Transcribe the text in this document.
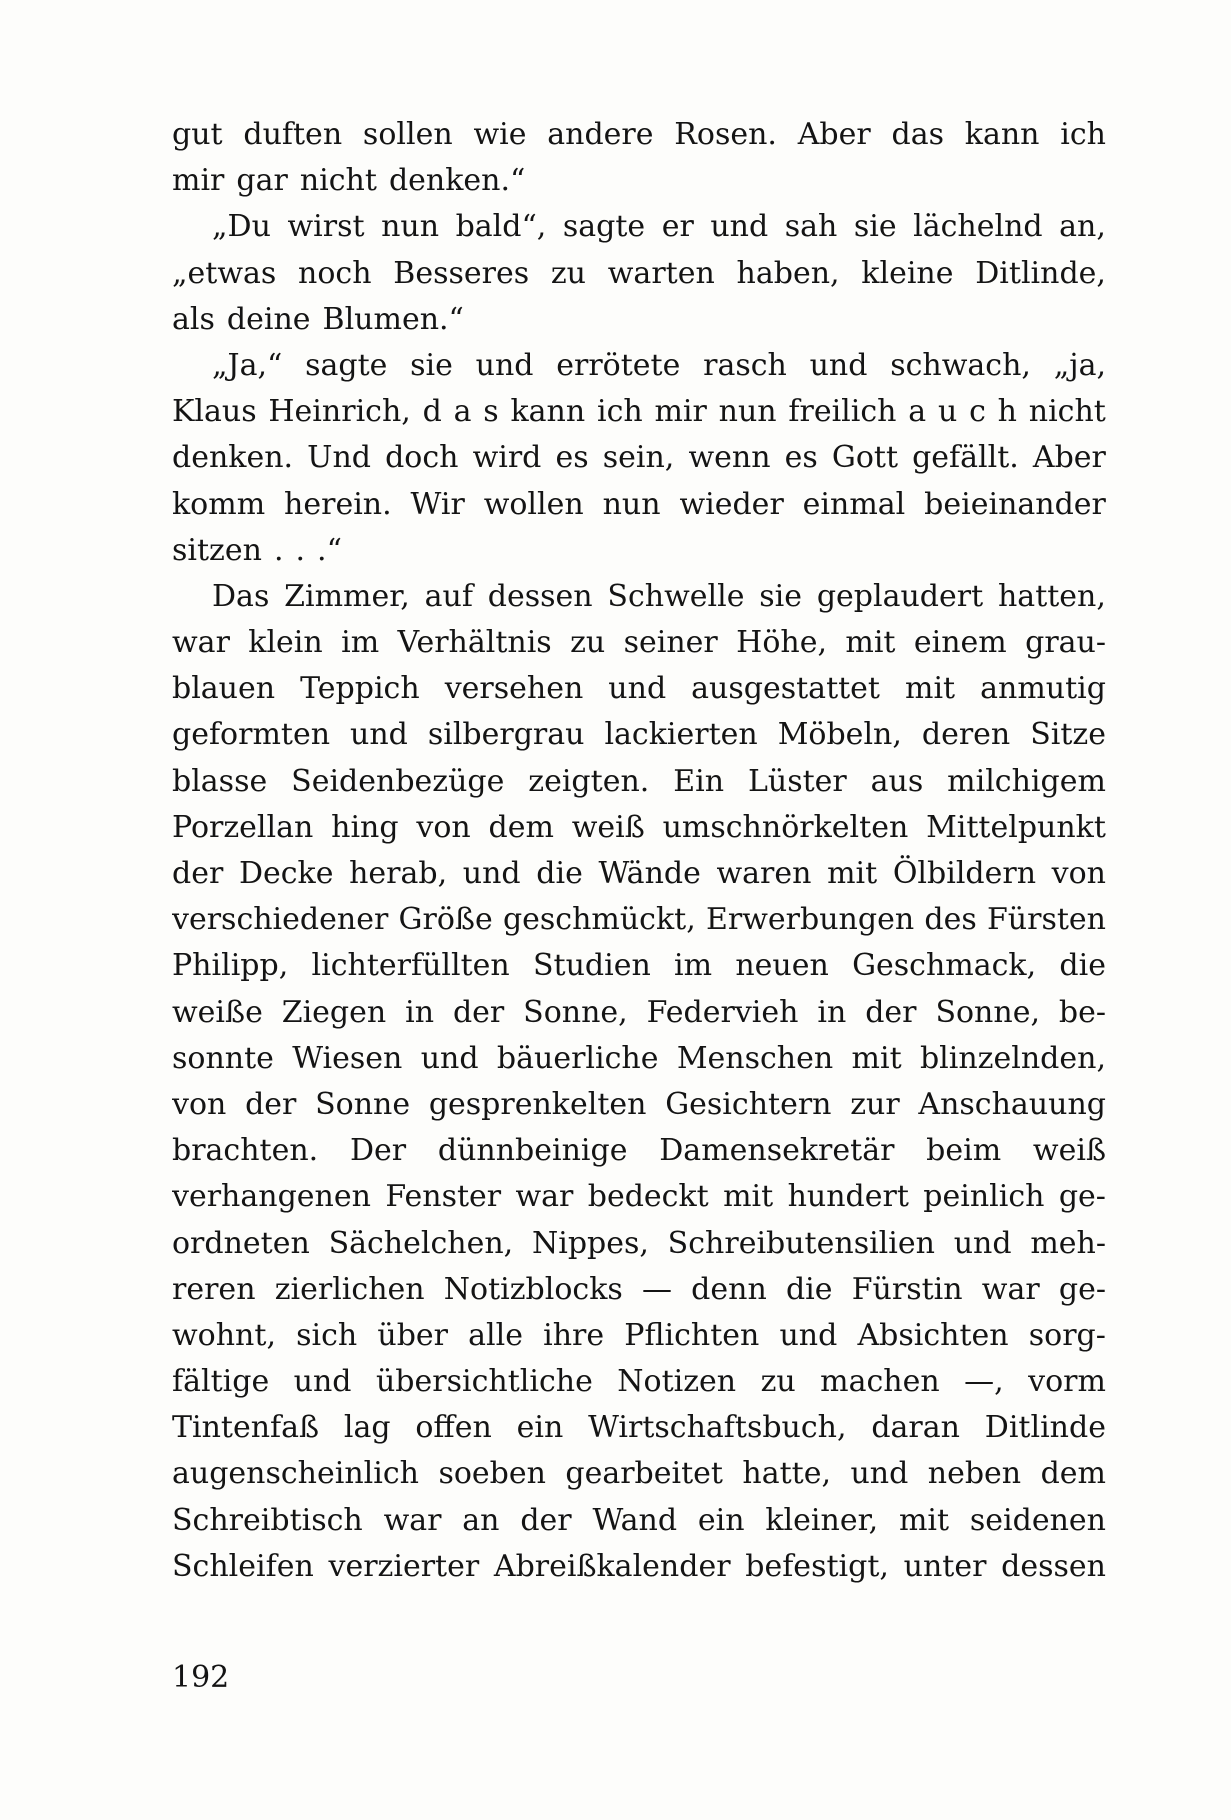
gut duften sollen wie andere Rosen. Aber das kann ich
mir gar nicht denken.“
„Du wirst nun bald“, sagte er und sah sie lächelnd an,
„etwas noch Besseres zu warten haben, kleine Ditlinde,
als deine Blumen.“
„Ja,“ sagte sie und errötete rasch und schwach, „ja,
Klaus Heinrich, d a s kann ich mir nun freilich a u c h nicht
denken. Und doch wird es sein, wenn es Gott gefällt. Aber
komm herein. Wir wollen nun wieder einmal beieinander
sitzen . . .“
Das Zimmer, auf dessen Schwelle sie geplaudert hatten,
war klein im Verhältnis zu seiner Höhe, mit einem grau-
blauen Teppich versehen und ausgestattet mit anmutig
geformten und silbergrau lackierten Möbeln, deren Sitze
blasse Seidenbezüge zeigten. Ein Lüster aus milchigem
Porzellan hing von dem weiß umschnörkelten Mittelpunkt
der Decke herab, und die Wände waren mit Ölbildern von
verschiedener Größe geschmückt, Erwerbungen des Fürsten
Philipp, lichterfüllten Studien im neuen Geschmack, die
weiße Ziegen in der Sonne, Federvieh in der Sonne, be-
sonnte Wiesen und bäuerliche Menschen mit blinzelnden,
von der Sonne gesprenkelten Gesichtern zur Anschauung
brachten. Der dünnbeinige Damensekretär beim weiß
verhangenen Fenster war bedeckt mit hundert peinlich ge-
ordneten Sächelchen, Nippes, Schreibutensilien und meh-
reren zierlichen Notizblocks — denn die Fürstin war ge-
wohnt, sich über alle ihre Pflichten und Absichten sorg-
fältige und übersichtliche Notizen zu machen —, vorm
Tintenfaß lag offen ein Wirtschaftsbuch, daran Ditlinde
augenscheinlich soeben gearbeitet hatte, und neben dem
Schreibtisch war an der Wand ein kleiner, mit seidenen
Schleifen verzierter Abreißkalender befestigt, unter dessen
192
